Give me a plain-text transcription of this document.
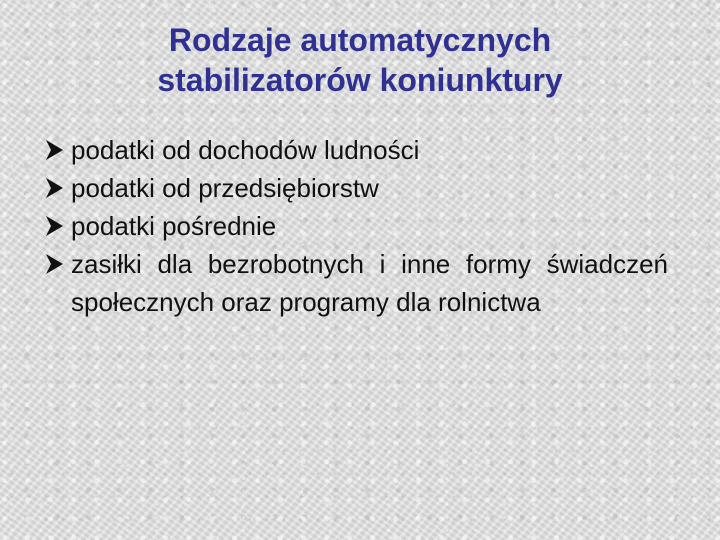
Rodzaje automatycznych
stabilizatorów koniunktury
podatki od dochodów ludności
podatki od przedsiębiorstw
podatki pośrednie
zasiłki dla bezrobotnych i inne formy świadczeń społecznych oraz programy dla rolnictwa
